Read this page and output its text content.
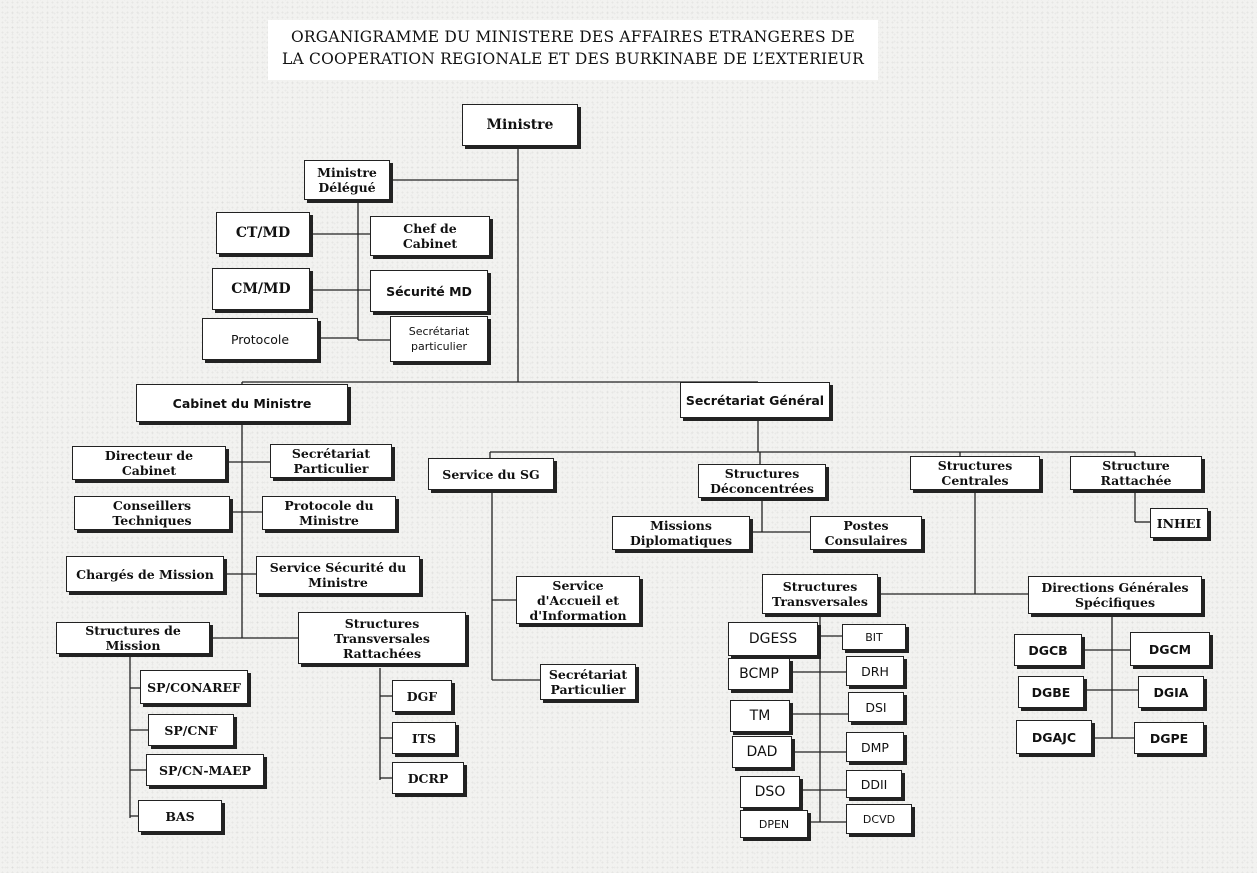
ORGANIGRAMME DU MINISTERE DES AFFAIRES ETRANGERES DE
LA COOPERATION REGIONALE ET DES BURKINABE DE L’EXTERIEUR
Ministre
Ministre Délégué
CT/MD	Chef de Cabinet
CM/MD	Sécurité MD
Protocole	Secrétariat particulier
Cabinet du Ministre	Secrétariat Général
Directeur de Cabinet
Secrétariat Particulier
Conseillers Techniques
Protocole du Ministre
Chargés de Mission	Service Sécurité du Ministre
Structures de Mission
Structures Transversales Rattachées
SP/CONAREF
SP/CNF
SP/CN-MAEP
BAS
DGF
ITS
DCRP
Service du SG
Service d'Accueil et d'Information
Secrétariat Particulier
Structures Déconcentrées
Missions Diplomatiques
Postes Consulaires
Structures Centrales
Structure Rattachée
INHEI
Structures Transversales
Directions Générales Spécifiques
DGESS	BIT
BCMP	DRH
TM
DSI
DAD	DMP
DSO	DDII
DPEN	DCVD
DGCB	DGCM
DGBE	DGIA
DGAJC	DGPE
